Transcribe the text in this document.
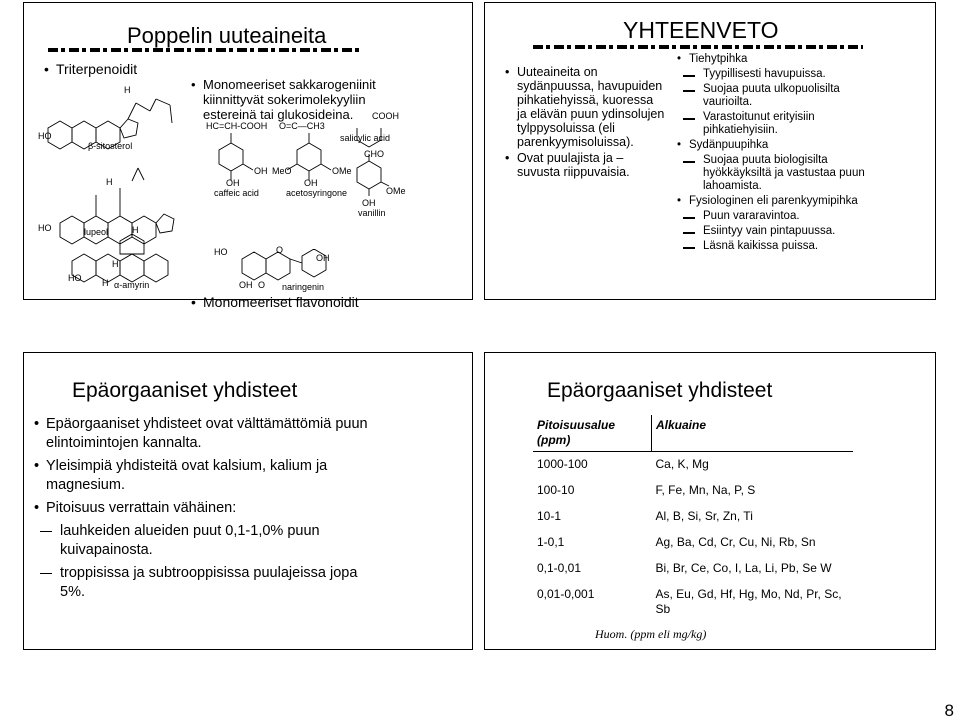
Poppelin uuteaineita
• Triterpenoidit
• Monomeeriset sakkarogeniinit kiinnittyvät sokerimolekyyliin estereinä tai glukosideina.
• Monomeeriset flavonoidit
HO
H
β-sitosterol
H
HO	lupeol	H
H
HO H α-amyrin
HC=CH-COOH
OH
OH
caffeic acid
O=C—CH3
MeO	OMe
OH
acetosyringone
COOH
salicylic acid
CHO
OMe
OH
vanillin
HO	O
OH
OH O naringenin
YHTEENVETO
• Uuteaineita on sydänpuussa, havupuiden pihkatiehyissä, kuoressa ja elävän puun ydinsolujen tylppysoluissa (eli parenkyymisoluissa).
• Ovat puulajista ja –suvusta riippuvaisia.
• Tiehytpihka
Tyypillisesti havupuissa.
Suojaa puuta ulkopuolisilta vaurioilta.
Varastoitunut erityisiin pihkatiehyisiin.
• Sydänpuupihka
Suojaa puuta biologisilta hyökkäyksiltä ja vastustaa puun lahoamista.
• Fysiologinen eli parenkyymipihka
Puun vararavintoa.
Esiintyy vain pintapuussa.
Läsnä kaikissa puissa.
Epäorgaaniset yhdisteet
• Epäorgaaniset yhdisteet ovat välttämättömiä puun elintoimintojen kannalta.
• Yleisimpiä yhdisteitä ovat kalsium, kalium ja magnesium.
• Pitoisuus verrattain vähäinen:
lauhkeiden alueiden puut 0,1-1,0% puun kuivapainosta.
troppisissa ja subtrooppisissa puulajeissa jopa 5%.
Epäorgaaniset yhdisteet
Pitoisuusalue (ppm)	Alkuaine
1000-100	Ca, K, Mg
100-10	F, Fe, Mn, Na, P, S
10-1	Al, B, Si, Sr, Zn, Ti
1-0,1	Ag, Ba, Cd, Cr, Cu, Ni, Rb, Sn
0,1-0,01	Bi, Br, Ce, Co, I, La, Li, Pb, Se W
0,01-0,001	As, Eu, Gd, Hf, Hg, Mo, Nd, Pr, Sc, Sb
Huom. (ppm eli mg/kg)
8
